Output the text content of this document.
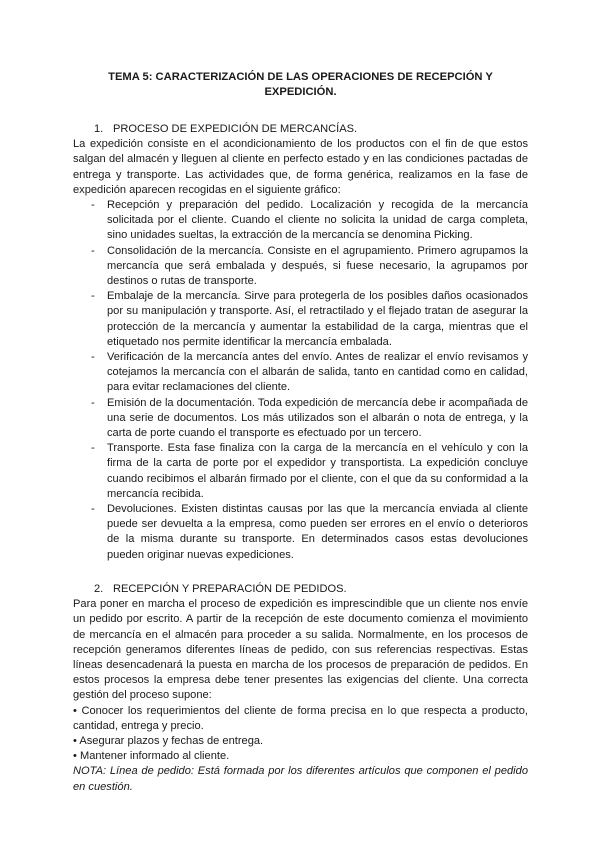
TEMA 5: CARACTERIZACIÓN DE LAS OPERACIONES DE RECEPCIÓN Y EXPEDICIÓN.
1. PROCESO DE EXPEDICIÓN DE MERCANCÍAS.

La expedición consiste en el acondicionamiento de los productos con el fin de que estos salgan del almacén y lleguen al cliente en perfecto estado y en las condiciones pactadas de entrega y transporte. Las actividades que, de forma genérica, realizamos en la fase de expedición aparecen recogidas en el siguiente gráfico:

- Recepción y preparación del pedido. Localización y recogida de la mercancía solicitada por el cliente. Cuando el cliente no solicita la unidad de carga completa, sino unidades sueltas, la extracción de la mercancía se denomina Picking.
- Consolidación de la mercancía. Consiste en el agrupamiento. Primero agrupamos la mercancía que será embalada y después, si fuese necesario, la agrupamos por destinos o rutas de transporte.
- Embalaje de la mercancía. Sirve para protegerla de los posibles daños ocasionados por su manipulación y transporte. Así, el retractilado y el flejado tratan de asegurar la protección de la mercancía y aumentar la estabilidad de la carga, mientras que el etiquetado nos permite identificar la mercancía embalada.
- Verificación de la mercancía antes del envío. Antes de realizar el envío revisamos y cotejamos la mercancía con el albarán de salida, tanto en cantidad como en calidad, para evitar reclamaciones del cliente.
- Emisión de la documentación. Toda expedición de mercancía debe ir acompañada de una serie de documentos. Los más utilizados son el albarán o nota de entrega, y la carta de porte cuando el transporte es efectuado por un tercero.
- Transporte. Esta fase finaliza con la carga de la mercancía en el vehículo y con la firma de la carta de porte por el expedidor y transportista. La expedición concluye cuando recibimos el albarán firmado por el cliente, con el que da su conformidad a la mercancía recibida.
- Devoluciones. Existen distintas causas por las que la mercancía enviada al cliente puede ser devuelta a la empresa, como pueden ser errores en el envío o deterioros de la misma durante su transporte. En determinados casos estas devoluciones pueden originar nuevas expediciones.
2. RECEPCIÓN Y PREPARACIÓN DE PEDIDOS.

Para poner en marcha el proceso de expedición es imprescindible que un cliente nos envíe un pedido por escrito. A partir de la recepción de este documento comienza el movimiento de mercancía en el almacén para proceder a su salida. Normalmente, en los procesos de recepción generamos diferentes líneas de pedido, con sus referencias respectivas. Estas líneas desencadenará la puesta en marcha de los procesos de preparación de pedidos. En estos procesos la empresa debe tener presentes las exigencias del cliente. Una correcta gestión del proceso supone:

• Conocer los requerimientos del cliente de forma precisa en lo que respecta a producto, cantidad, entrega y precio.
• Asegurar plazos y fechas de entrega.
• Mantener informado al cliente.

NOTA: Línea de pedido: Está formada por los diferentes artículos que componen el pedido en cuestión.
